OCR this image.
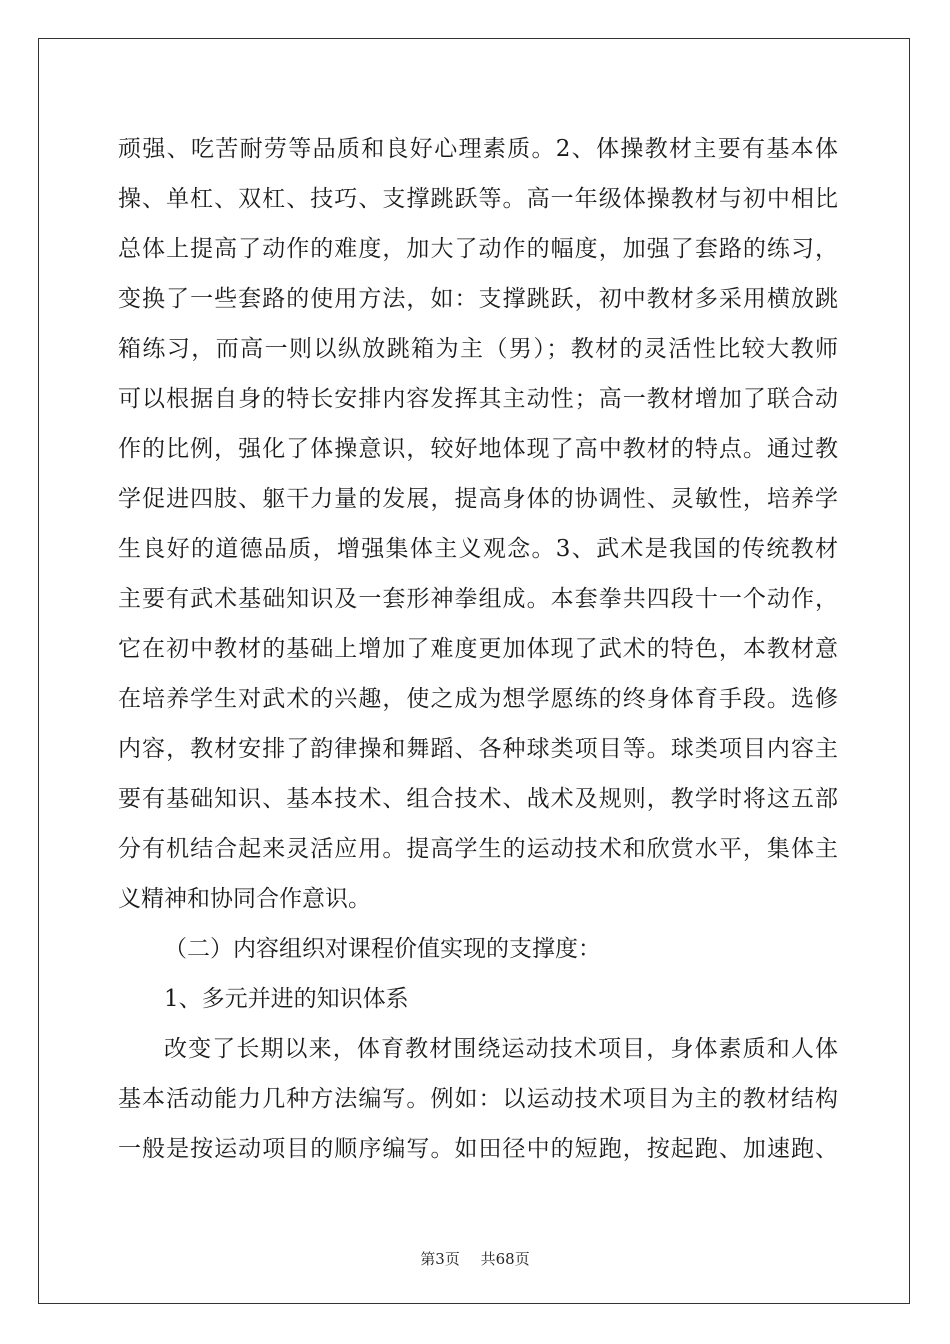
顽强、吃苦耐劳等品质和良好心理素质。2、体操教材主要有基本体
操、单杠、双杠、技巧、支撑跳跃等。高一年级体操教材与初中相比
总体上提高了动作的难度，加大了动作的幅度，加强了套路的练习，
变换了一些套路的使用方法，如：支撑跳跃，初中教材多采用横放跳
箱练习，而高一则以纵放跳箱为主（男）；教材的灵活性比较大教师
可以根据自身的特长安排内容发挥其主动性；高一教材增加了联合动
作的比例，强化了体操意识，较好地体现了高中教材的特点。通过教
学促进四肢、躯干力量的发展，提高身体的协调性、灵敏性，培养学
生良好的道德品质，增强集体主义观念。3、武术是我国的传统教材
主要有武术基础知识及一套形神拳组成。本套拳共四段十一个动作，
它在初中教材的基础上增加了难度更加体现了武术的特色，本教材意
在培养学生对武术的兴趣，使之成为想学愿练的终身体育手段。选修
内容，教材安排了韵律操和舞蹈、各种球类项目等。球类项目内容主
要有基础知识、基本技术、组合技术、战术及规则，教学时将这五部
分有机结合起来灵活应用。提高学生的运动技术和欣赏水平，集体主
义精神和协同合作意识。
（二）内容组织对课程价值实现的支撑度：
1、多元并进的知识体系
改变了长期以来，体育教材围绕运动技术项目，身体素质和人体
基本活动能力几种方法编写。例如：以运动技术项目为主的教材结构
一般是按运动项目的顺序编写。如田径中的短跑，按起跑、加速跑、
第3页 共68页
